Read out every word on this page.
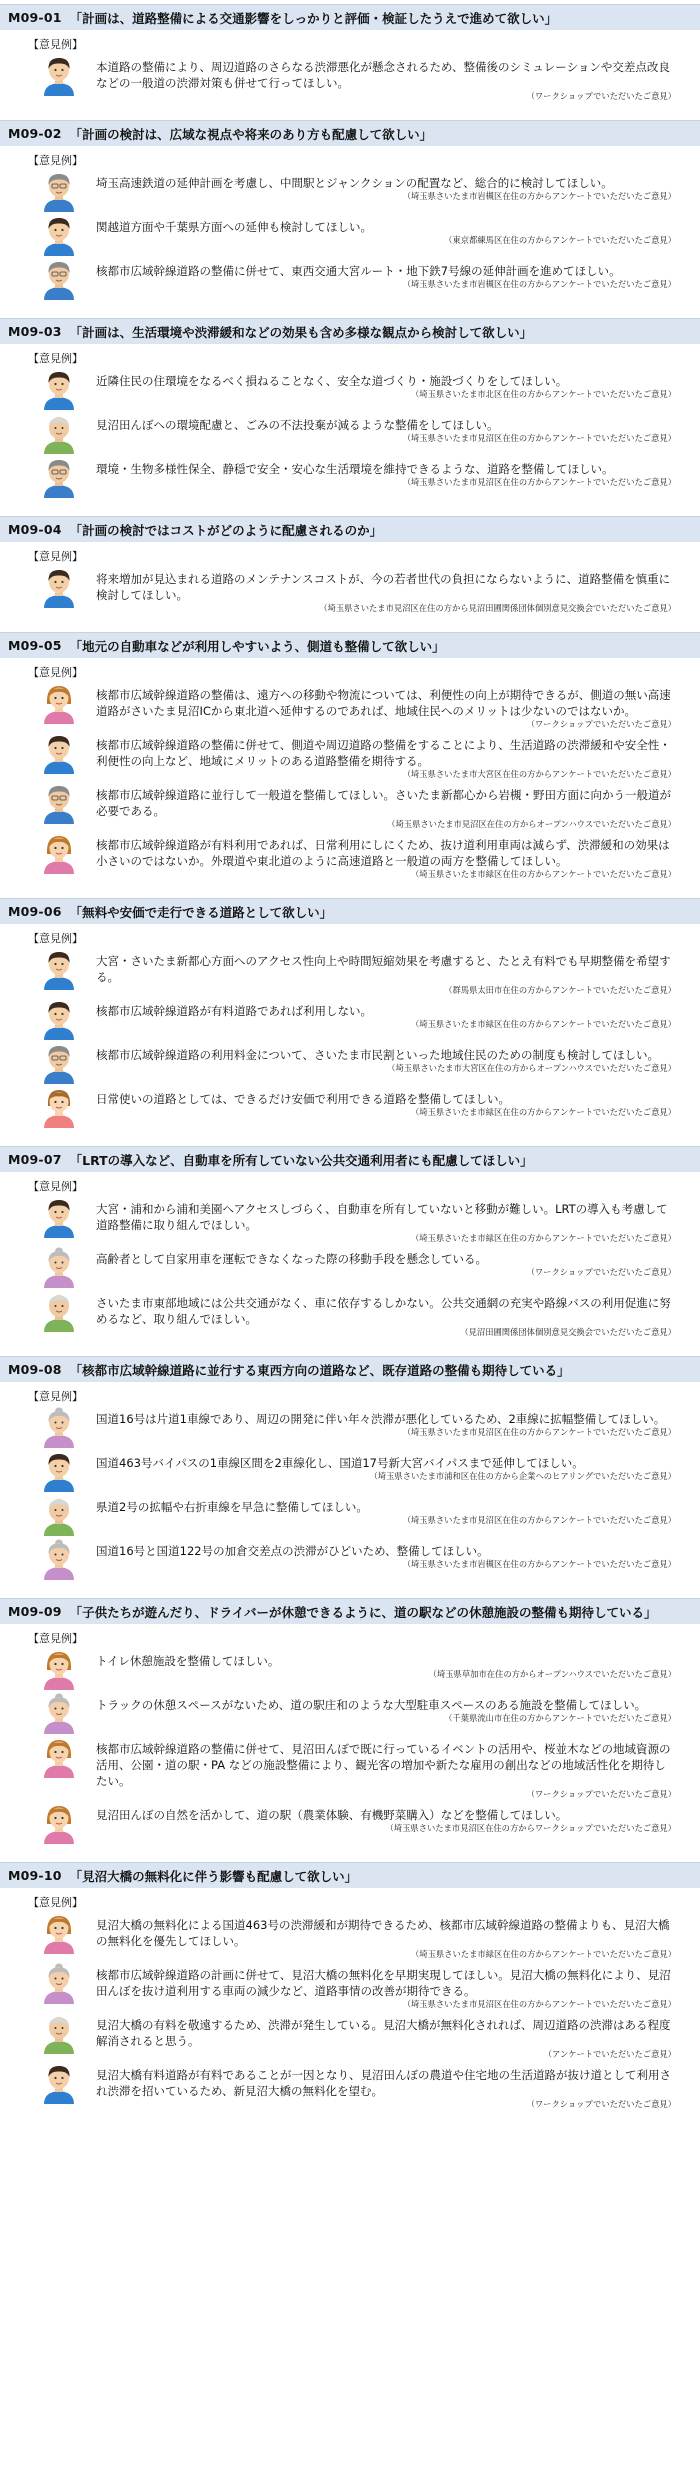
M09-01 「計画は、道路整備による交通影響をしっかりと評価・検証したうえで進めて欲しい」
【意見例】
本道路の整備により、周辺道路のさらなる渋滞悪化が懸念されるため、整備後のシミュレーションや交差点改良などの一般道の渋滞対策も併せて行ってほしい。
（ワークショップでいただいたご意見）
M09-02 「計画の検討は、広域な視点や将来のあり方も配慮して欲しい」
【意見例】
埼玉高速鉄道の延伸計画を考慮し、中間駅とジャンクションの配置など、総合的に検討してほしい。
（埼玉県さいたま市岩槻区在住の方からアンケートでいただいたご意見）
関越道方面や千葉県方面への延伸も検討してほしい。
（東京都練馬区在住の方からアンケートでいただいたご意見）
核都市広域幹線道路の整備に併せて、東西交通大宮ルート・地下鉄7号線の延伸計画を進めてほしい。
（埼玉県さいたま市岩槻区在住の方からアンケートでいただいたご意見）
M09-03 「計画は、生活環境や渋滞緩和などの効果も含め多様な観点から検討して欲しい」
【意見例】
近隣住民の住環境をなるべく損ねることなく、安全な道づくり・施設づくりをしてほしい。
（埼玉県さいたま市北区在住の方からアンケートでいただいたご意見）
見沼田んぼへの環境配慮と、ごみの不法投棄が減るような整備をしてほしい。
（埼玉県さいたま市見沼区在住の方からアンケートでいただいたご意見）
環境・生物多様性保全、静穏で安全・安心な生活環境を維持できるような、道路を整備してほしい。
（埼玉県さいたま市見沼区在住の方からアンケートでいただいたご意見）
M09-04 「計画の検討ではコストがどのように配慮されるのか」
【意見例】
将来増加が見込まれる道路のメンテナンスコストが、今の若者世代の負担にならないように、道路整備を慎重に検討してほしい。
（埼玉県さいたま市見沼区在住の方から見沼田圃関係団体個別意見交換会でいただいたご意見）
M09-05 「地元の自動車などが利用しやすいよう、側道も整備して欲しい」
【意見例】
核都市広域幹線道路の整備は、遠方への移動や物流については、利便性の向上が期待できるが、側道の無い高速道路がさいたま見沼ICから東北道へ延伸するのであれば、地域住民へのメリットは少ないのではないか。
（ワークショップでいただいたご意見）
核都市広域幹線道路の整備に併せて、側道や周辺道路の整備をすることにより、生活道路の渋滞緩和や安全性・利便性の向上など、地域にメリットのある道路整備を期待する。
（埼玉県さいたま市大宮区在住の方からアンケートでいただいたご意見）
核都市広域幹線道路に並行して一般道を整備してほしい。さいたま新都心から岩槻・野田方面に向かう一般道が必要である。
（埼玉県さいたま市見沼区在住の方からオープンハウスでいただいたご意見）
核都市広域幹線道路が有料利用であれば、日常利用にしにくため、抜け道利用車両は減らず、渋滞緩和の効果は小さいのではないか。外環道や東北道のように高速道路と一般道の両方を整備してほしい。
（埼玉県さいたま市緑区在住の方からアンケートでいただいたご意見）
M09-06 「無料や安価で走行できる道路として欲しい」
【意見例】
大宮・さいたま新都心方面へのアクセス性向上や時間短縮効果を考慮すると、たとえ有料でも早期整備を希望する。
（群馬県太田市在住の方からアンケートでいただいたご意見）
核都市広域幹線道路が有料道路であれば利用しない。
（埼玉県さいたま市緑区在住の方からアンケートでいただいたご意見）
核都市広域幹線道路の利用料金について、さいたま市民割といった地域住民のための制度も検討してほしい。
（埼玉県さいたま市大宮区在住の方からオープンハウスでいただいたご意見）
日常使いの道路としては、できるだけ安価で利用できる道路を整備してほしい。
（埼玉県さいたま市緑区在住の方からアンケートでいただいたご意見）
M09-07 「LRTの導入など、自動車を所有していない公共交通利用者にも配慮してほしい」
【意見例】
大宮・浦和から浦和美園へアクセスしづらく、自動車を所有していないと移動が難しい。LRTの導入も考慮して道路整備に取り組んでほしい。
（埼玉県さいたま市緑区在住の方からアンケートでいただいたご意見）
高齢者として自家用車を運転できなくなった際の移動手段を懸念している。
（ワークショップでいただいたご意見）
さいたま市東部地域には公共交通がなく、車に依存するしかない。公共交通網の充実や路線バスの利用促進に努めるなど、取り組んでほしい。
（見沼田圃関係団体個別意見交換会でいただいたご意見）
M09-08 「核都市広域幹線道路に並行する東西方向の道路など、既存道路の整備も期待している」
【意見例】
国道16号は片道1車線であり、周辺の開発に伴い年々渋滞が悪化しているため、2車線に拡幅整備してほしい。
（埼玉県さいたま市見沼区在住の方からアンケートでいただいたご意見）
国道463号バイパスの1車線区間を2車線化し、国道17号新大宮バイパスまで延伸してほしい。
（埼玉県さいたま市浦和区在住の方から企業へのヒアリングでいただいたご意見）
県道2号の拡幅や右折車線を早急に整備してほしい。
（埼玉県さいたま市見沼区在住の方からアンケートでいただいたご意見）
国道16号と国道122号の加倉交差点の渋滞がひどいため、整備してほしい。
（埼玉県さいたま市岩槻区在住の方からアンケートでいただいたご意見）
M09-09 「子供たちが遊んだり、ドライバーが休憩できるように、道の駅などの休憩施設の整備も期待している」
【意見例】
トイレ休憩施設を整備してほしい。
（埼玉県草加市在住の方からオープンハウスでいただいたご意見）
トラックの休憩スペースがないため、道の駅庄和のような大型駐車スペースのある施設を整備してほしい。
（千葉県流山市在住の方からアンケートでいただいたご意見）
核都市広域幹線道路の整備に併せて、見沼田んぼで既に行っているイベントの活用や、桜並木などの地域資源の活用、公園・道の駅・PA などの施設整備により、観光客の増加や新たな雇用の創出などの地域活性化を期待したい。
（ワークショップでいただいたご意見）
見沼田んぼの自然を活かして、道の駅（農業体験、有機野菜購入）などを整備してほしい。
（埼玉県さいたま市見沼区在住の方からワークショップでいただいたご意見）
M09-10 「見沼大橋の無料化に伴う影響も配慮して欲しい」
【意見例】
見沼大橋の無料化による国道463号の渋滞緩和が期待できるため、核都市広域幹線道路の整備よりも、見沼大橋の無料化を優先してほしい。
（埼玉県さいたま市緑区在住の方からアンケートでいただいたご意見）
核都市広域幹線道路の計画に併せて、見沼大橋の無料化を早期実現してほしい。見沼大橋の無料化により、見沼田んぼを抜け道利用する車両の減少など、道路事情の改善が期待できる。
（埼玉県さいたま市見沼区在住の方からアンケートでいただいたご意見）
見沼大橋の有料を敬遠するため、渋滞が発生している。見沼大橋が無料化されれば、周辺道路の渋滞はある程度解消されると思う。
（アンケートでいただいたご意見）
見沼大橋有料道路が有料であることが一因となり、見沼田んぼの農道や住宅地の生活道路が抜け道として利用され渋滞を招いているため、新見沼大橋の無料化を望む。
（ワークショップでいただいたご意見）
